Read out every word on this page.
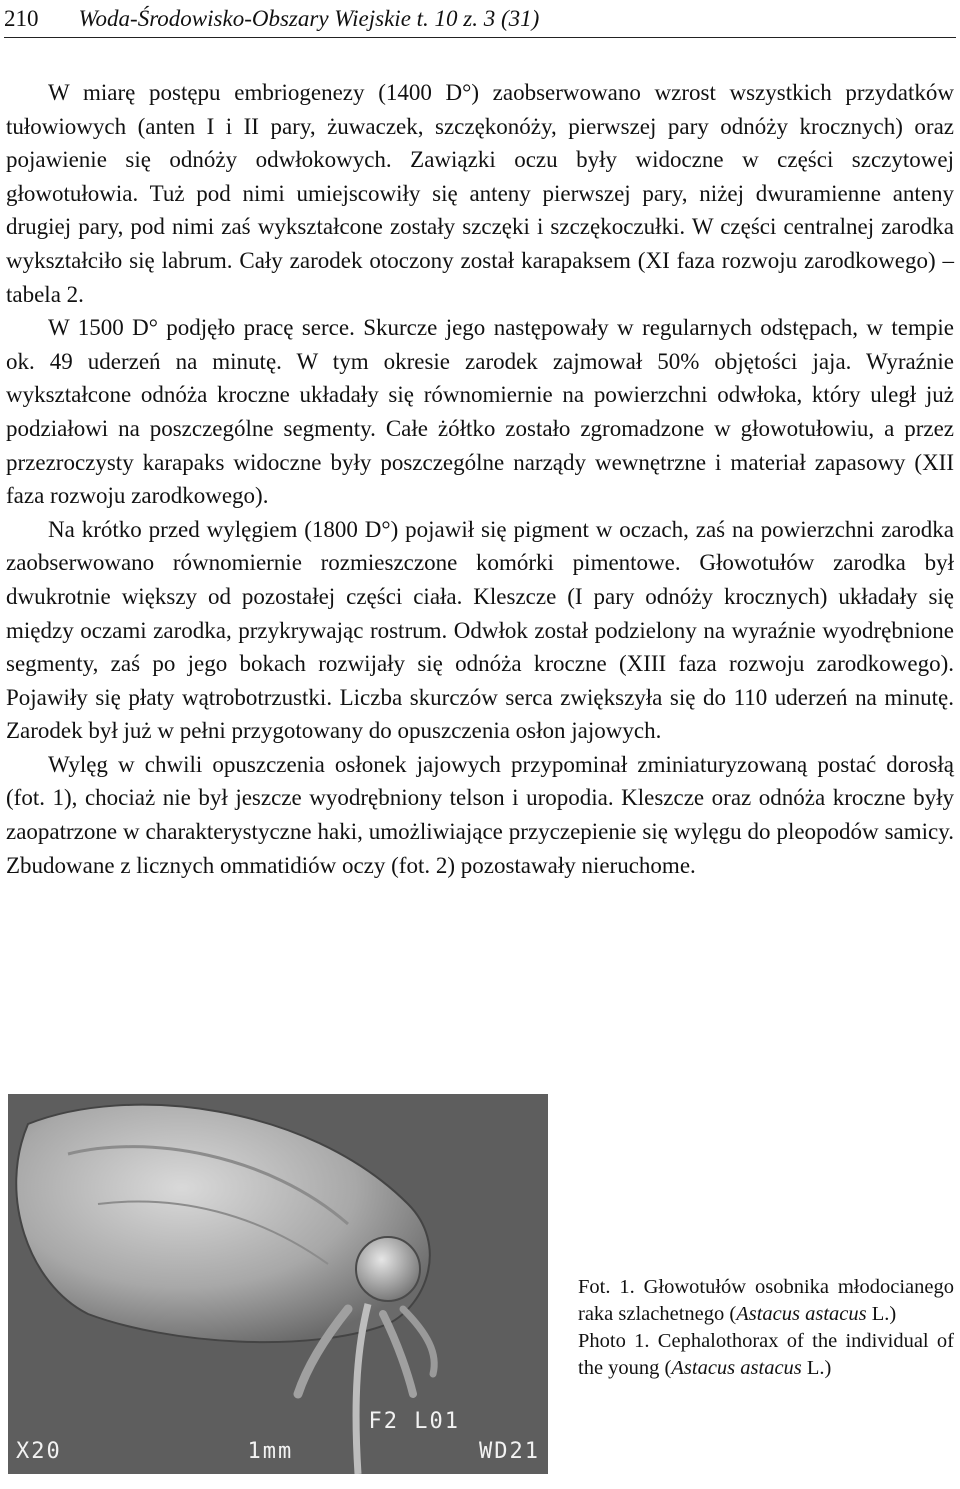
210 Woda-Środowisko-Obszary Wiejskie t. 10 z. 3 (31)

W miarę postępu embriogenezy (1400 D°) zaobserwowano wzrost wszystkich przydatków tułowiowych (anten I i II pary, żuwaczek, szczękonóży, pierwszej pary odnóży krocznych) oraz pojawienie się odnóży odwłokowych. Zawiązki oczu były widoczne w części szczytowej głowotułowia. Tuż pod nimi umiejscowiły się anteny pierwszej pary, niżej dwuramienne anteny drugiej pary, pod nimi zaś wykształcone zostały szczęki i szczękoczułki. W części centralnej zarodka wykształciło się labrum. Cały zarodek otoczony został karapaksem (XI faza rozwoju zarodkowego) – tabela 2.

W 1500 D° podjęło pracę serce. Skurcze jego następowały w regularnych odstępach, w tempie ok. 49 uderzeń na minutę. W tym okresie zarodek zajmował 50% objętości jaja. Wyraźnie wykształcone odnóża kroczne układały się równomiernie na powierzchni odwłoka, który uległ już podziałowi na poszczególne segmenty. Całe żółtko zostało zgromadzone w głowotułowiu, a przez przezroczysty karapaks widoczne były poszczególne narządy wewnętrzne i materiał zapasowy (XII faza rozwoju zarodkowego).

Na krótko przed wylęgiem (1800 D°) pojawił się pigment w oczach, zaś na powierzchni zarodka zaobserwowano równomiernie rozmieszczone komórki pimentowe. Głowotułów zarodka był dwukrotnie większy od pozostałej części ciała. Kleszcze (I pary odnóży krocznych) układały się między oczami zarodka, przykrywając rostrum. Odwłok został podzielony na wyraźnie wyodrębnione segmenty, zaś po jego bokach rozwijały się odnóża kroczne (XIII faza rozwoju zarodkowego). Pojawiły się płaty wątrobotrzustki. Liczba skurczów serca zwiększyła się do 110 uderzeń na minutę. Zarodek był już w pełni przygotowany do opuszczenia osłon jajowych.

Wylęg w chwili opuszczenia osłonek jajowych przypominał zminiaturyzowaną postać dorosłą (fot. 1), chociaż nie był jeszcze wyodrębniony telson i uropodia. Kleszcze oraz odnóża kroczne były zaopatrzone w charakterystyczne haki, umożliwiające przyczepienie się wylęgu do pleopodów samicy. Zbudowane z licznych ommatidiów oczy (fot. 2) pozostawały nieruchome.

F2 L01
X20	1mm	WD21

Fot. 1. Głowotułów osobnika młodocianego raka szlachetnego (Astacus astacus L.)

Photo 1. Cephalothorax of the individual of the young (Astacus astacus L.)
